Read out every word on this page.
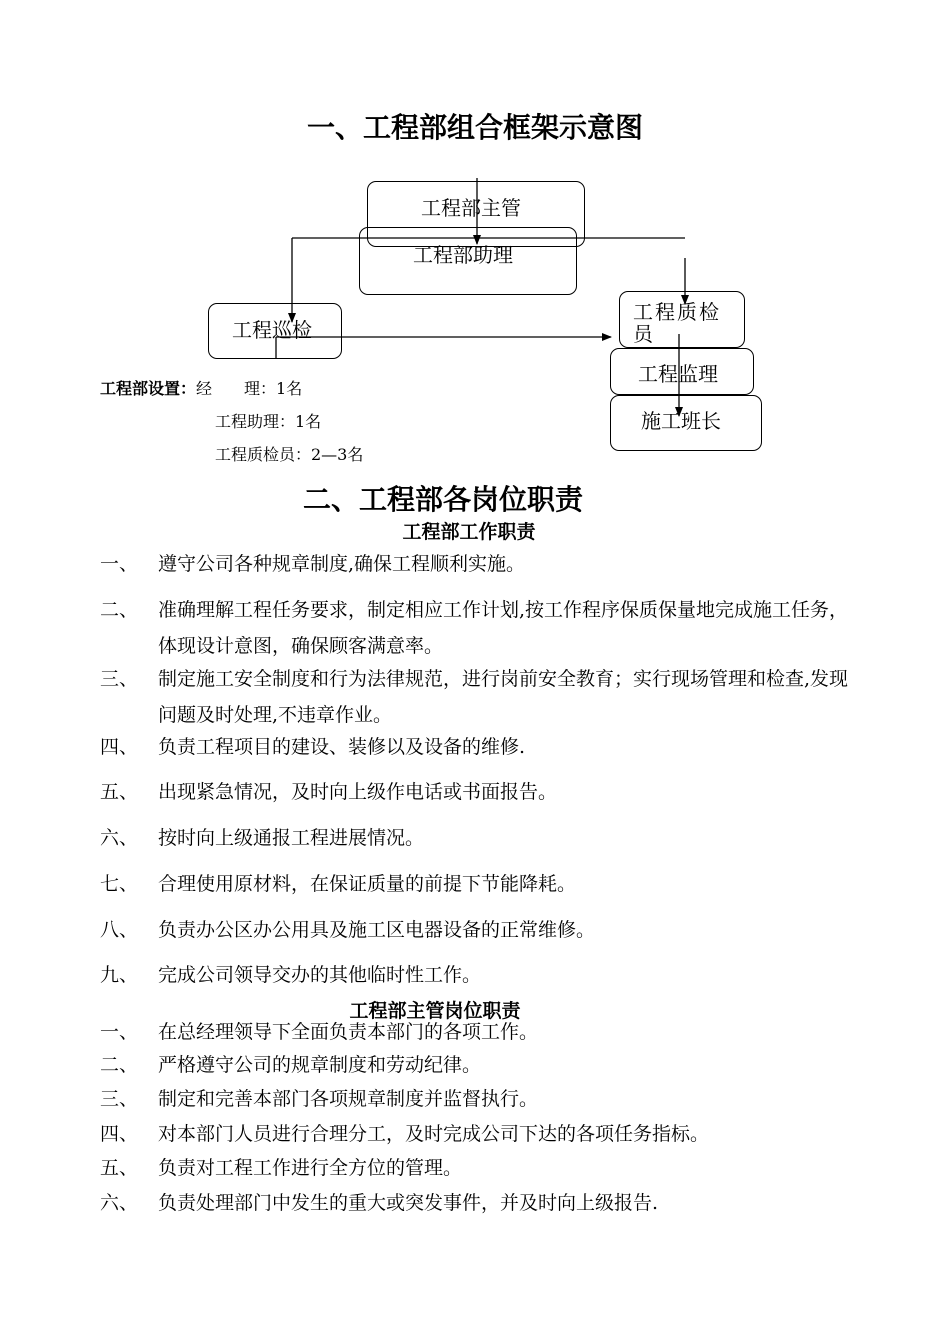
一、工程部组合框架示意图
工程部主管
工程部助理
工程巡检
工程质检员
工程监理
施工班长
工程部设置：经　　理：1名
工程助理：1名
工程质检员：2—3名
二、工程部各岗位职责
工程部工作职责
一、 遵守公司各种规章制度,确保工程顺利实施。
二、 准确理解工程任务要求，制定相应工作计划,按工作程序保质保量地完成施工任务，体现设计意图，确保顾客满意率。
三、 制定施工安全制度和行为法律规范，进行岗前安全教育；实行现场管理和检查,发现问题及时处理,不违章作业。
四、 负责工程项目的建设、装修以及设备的维修.
五、 出现紧急情况，及时向上级作电话或书面报告。
六、 按时向上级通报工程进展情况。
七、 合理使用原材料，在保证质量的前提下节能降耗。
八、 负责办公区办公用具及施工区电器设备的正常维修。
九、 完成公司领导交办的其他临时性工作。
工程部主管岗位职责
一、 在总经理领导下全面负责本部门的各项工作。
二、 严格遵守公司的规章制度和劳动纪律。
三、 制定和完善本部门各项规章制度并监督执行。
四、 对本部门人员进行合理分工，及时完成公司下达的各项任务指标。
五、 负责对工程工作进行全方位的管理。
六、 负责处理部门中发生的重大或突发事件，并及时向上级报告.
